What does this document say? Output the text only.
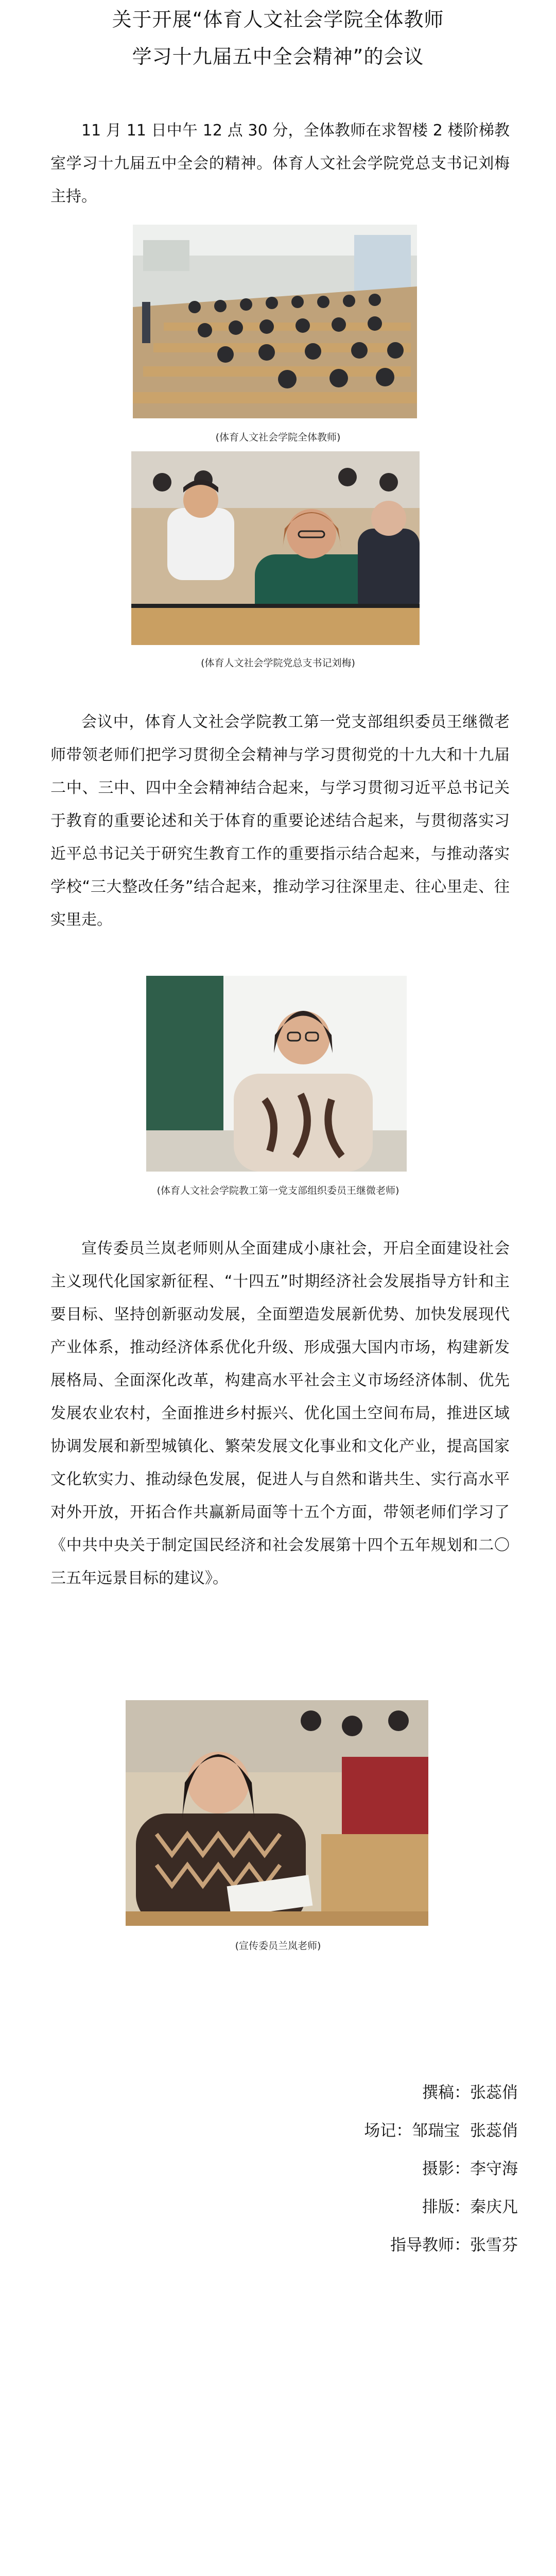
关于开展“体育人文社会学院全体教师
学习十九届五中全会精神”的会议

11 月 11 日中午 12 点 30 分，全体教师在求智楼 2 楼阶梯教室学习十九届五中全会的精神。体育人文社会学院党总支书记刘梅主持。

(体育人文社会学院全体教师)
(体育人文社会学院党总支书记刘梅)

会议中，体育人文社会学院教工第一党支部组织委员王继微老师带领老师们把学习贯彻全会精神与学习贯彻党的十九大和十九届二中、三中、四中全会精神结合起来，与学习贯彻习近平总书记关于教育的重要论述和关于体育的重要论述结合起来，与贯彻落实习近平总书记关于研究生教育工作的重要指示结合起来，与推动落实学校“三大整改任务”结合起来，推动学习往深里走、往心里走、往实里走。

(体育人文社会学院教工第一党支部组织委员王继微老师)

宣传委员兰岚老师则从全面建成小康社会，开启全面建设社会主义现代化国家新征程、“十四五”时期经济社会发展指导方针和主要目标、坚持创新驱动发展，全面塑造发展新优势、加快发展现代产业体系，推动经济体系优化升级、形成强大国内市场，构建新发展格局、全面深化改革，构建高水平社会主义市场经济体制、优先发展农业农村，全面推进乡村振兴、优化国土空间布局，推进区域协调发展和新型城镇化、繁荣发展文化事业和文化产业，提高国家文化软实力、推动绿色发展，促进人与自然和谐共生、实行高水平对外开放，开拓合作共赢新局面等十五个方面，带领老师们学习了《中共中央关于制定国民经济和社会发展第十四个五年规划和二〇三五年远景目标的建议》。

(宣传委员兰岚老师)
撰稿：张蕊俏
场记：邹瑞宝  张蕊俏
摄影：李守海
排版：秦庆凡
指导教师：张雪芬
